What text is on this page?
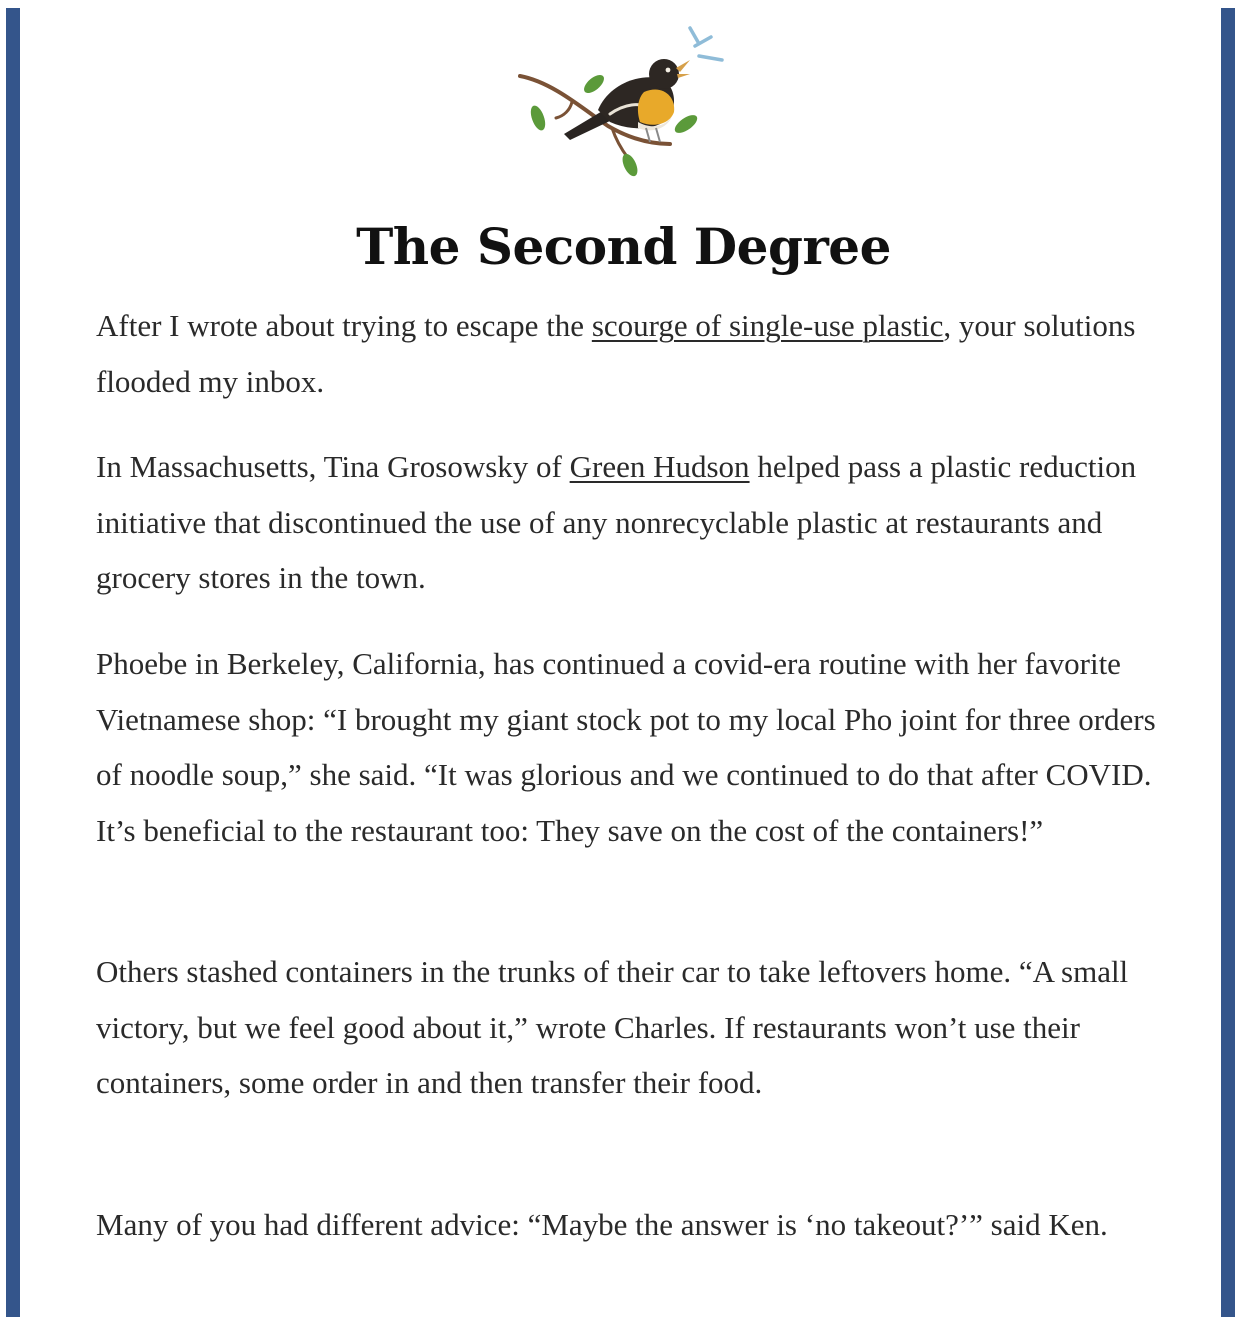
The Second Degree

After I wrote about trying to escape the scourge of single-use plastic, your solutions flooded my inbox.

In Massachusetts, Tina Grosowsky of Green Hudson helped pass a plastic reduction initiative that discontinued the use of any nonrecyclable plastic at restaurants and grocery stores in the town.

Phoebe in Berkeley, California, has continued a covid-era routine with her favorite Vietnamese shop: “I brought my giant stock pot to my local Pho joint for three orders of noodle soup,” she said. “It was glorious and we continued to do that after COVID. It’s beneficial to the restaurant too: They save on the cost of the containers!”

Others stashed containers in the trunks of their car to take leftovers home. “A small victory, but we feel good about it,” wrote Charles. If restaurants won’t use their containers, some order in and then transfer their food.

Many of you had different advice: “Maybe the answer is ‘no takeout?’” said Ken.
